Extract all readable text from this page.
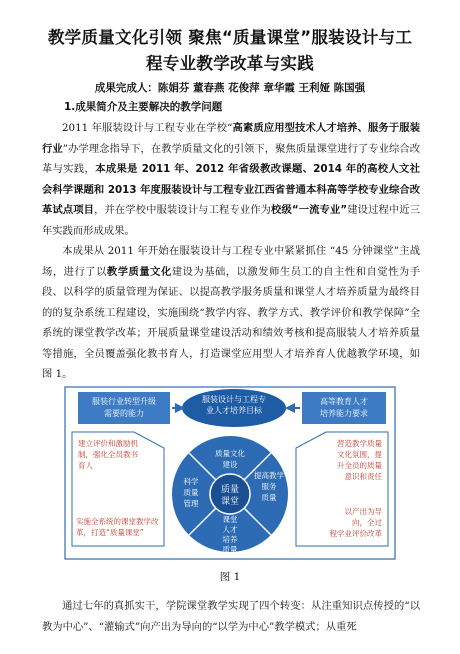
教学质量文化引领 聚焦“质量课堂”服装设计与工
程专业教学改革与实践
成果完成人：陈娟芬 董春燕 花俊萍 章华霞 王利娅 陈国强
1.成果简介及主要解决的教学问题
2011 年服装设计与工程专业在学校“高素质应用型技术人才培养、服务于服装行业”办学理念指导下，在教学质量文化的引领下，聚焦质量课堂进行了专业综合改革与实践，本成果是 2011 年、2012 年省级教改课题、2014 年的高校人文社会科学课题和 2013 年度服装设计与工程专业江西省普通本科高等学校专业综合改革试点项目，并在学校中服装设计与工程专业作为校级“一流专业”建设过程中近三年实践而形成成果。
本成果从 2011 年开始在服装设计与工程专业中紧紧抓住 “45 分钟课堂”主战场，进行了以教学质量文化建设为基础，以激发师生员工的自主性和自觉性为手段、以科学的质量管理为保证、以提高教学服务质量和课堂人才培养质量为最终目的的复杂系统工程建设，实施围绕“教学内容、教学方式、教学评价和教学保障”全系统的课堂教学改革；开展质量课堂建设活动和绩效考核和提高服装人才培养质量等措施，全员覆盖强化教书育人，打造课堂应用型人才培养育人优越教学环境，如图 1。
服装行业转型升级
需要的能力
服装设计与工程专
业人才培养目标
高等教育人才
培养能力要求
建立评价和激励机
制，强化全员教书
育人
实施全系统的课堂教学改
革，打造“质量课堂”
营造教学质量
文化氛围，提
升全员的质量
意识和责任
以产出为导
向，全过
程学业评价改革
质量
课堂
质量文化
建设
科学
质量
管理
提高教学
服务
质量
课堂
人才
培养
质量
图 1
通过七年的真抓实干，学院课堂教学实现了四个转变：从注重知识点传授的“以教为中心”、“灌输式”向产出为导向的“以学为中心”教学模式；从重死
